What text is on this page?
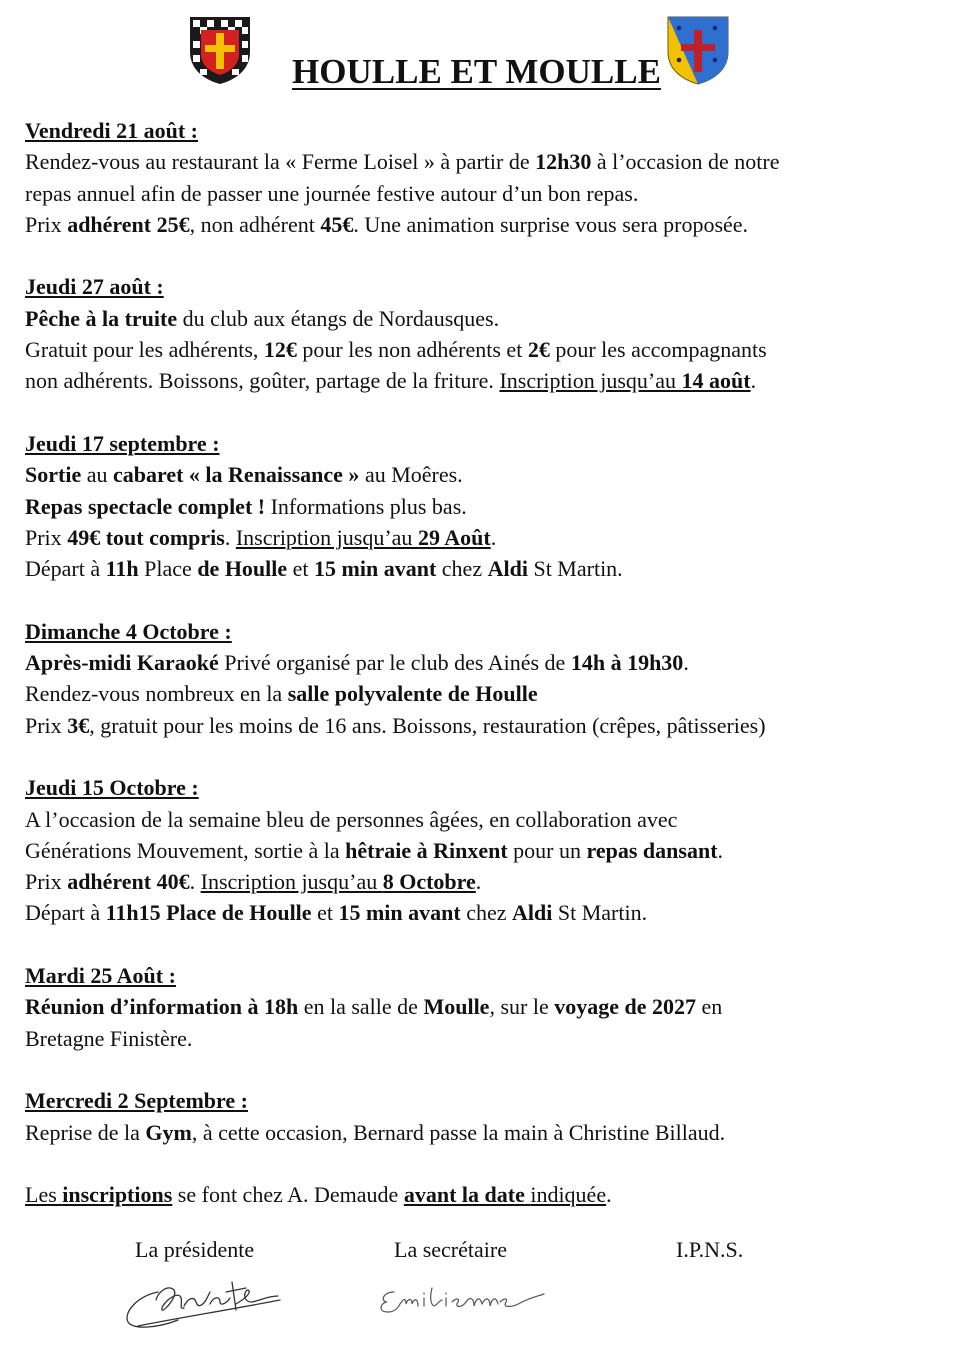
HOULLE ET MOULLE
Vendredi 21 août :
Rendez-vous au restaurant la « Ferme Loisel » à partir de 12h30 à l’occasion de notre
repas annuel afin de passer une journée festive autour d’un bon repas.
Prix adhérent 25€, non adhérent 45€. Une animation surprise vous sera proposée.
Jeudi 27 août :
Pêche à la truite du club aux étangs de Nordausques.
Gratuit pour les adhérents, 12€ pour les non adhérents et 2€ pour les accompagnants
non adhérents. Boissons, goûter, partage de la friture. Inscription jusqu’au 14 août.
Jeudi 17 septembre :
Sortie au cabaret « la Renaissance » au Moêres.
Repas spectacle complet ! Informations plus bas.
Prix 49€ tout compris. Inscription jusqu’au 29 Août.
Départ à 11h Place de Houlle et 15 min avant chez Aldi St Martin.
Dimanche 4 Octobre :
Après-midi Karaoké Privé organisé par le club des Ainés de 14h à 19h30.
Rendez-vous nombreux en la salle polyvalente de Houlle
Prix 3€, gratuit pour les moins de 16 ans. Boissons, restauration (crêpes, pâtisseries)
Jeudi 15 Octobre :
A l’occasion de la semaine bleu de personnes âgées, en collaboration avec
Générations Mouvement, sortie à la hêtraie à Rinxent pour un repas dansant.
Prix adhérent 40€. Inscription jusqu’au 8 Octobre.
Départ à 11h15 Place de Houlle et 15 min avant chez Aldi St Martin.
Mardi 25 Août :
Réunion d’information à 18h en la salle de Moulle, sur le voyage de 2027 en
Bretagne Finistère.
Mercredi 2 Septembre :
Reprise de la Gym, à cette occasion, Bernard passe la main à Christine Billaud.
Les inscriptions se font chez A. Demaude avant la date indiquée.
La présidente	La secrétaire	I.P.N.S.
